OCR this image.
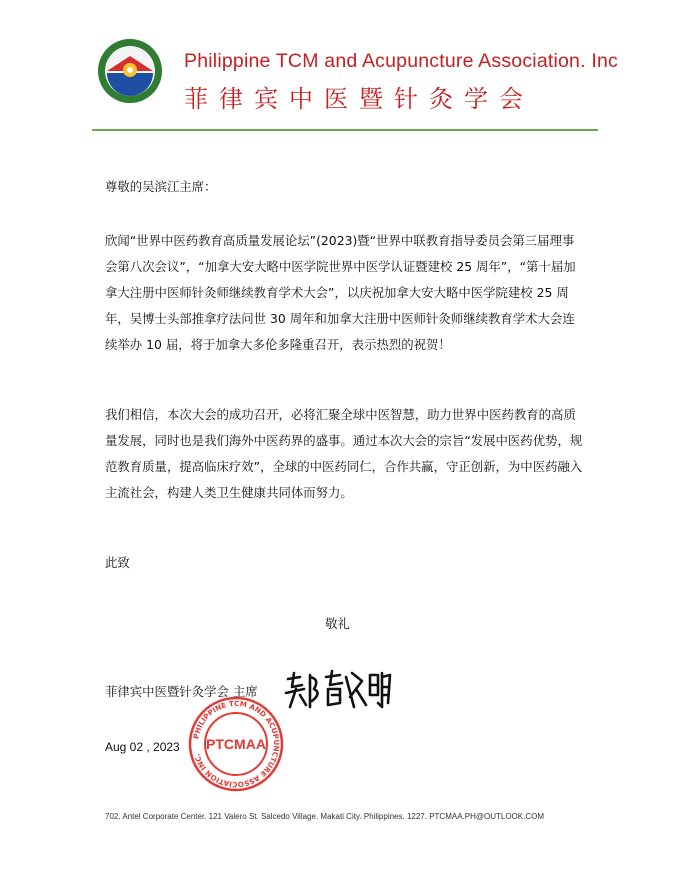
Philippine TCM and Acupuncture Association. Inc
菲律宾中医暨针灸学会
尊敬的吴滨江主席：
欣闻“世界中医药教育高质量发展论坛”(2023)暨“世界中联教育指导委员会第三届理事会第八次会议”，“加拿大安大略中医学院世界中医学认证暨建校 25 周年”，“第十届加拿大注册中医师针灸师继续教育学术大会”，以庆祝加拿大安大略中医学院建校 25 周年，吴博士头部推拿疗法问世 30 周年和加拿大注册中医师针灸师继续教育学术大会连续举办 10 届，将于加拿大多伦多隆重召开，表示热烈的祝贺！
我们相信，本次大会的成功召开，必将汇聚全球中医智慧，助力世界中医药教育的高质量发展，同时也是我们海外中医药界的盛事。通过本次大会的宗旨“发展中医药优势，规范教育质量，提高临床疗效”，全球的中医药同仁，合作共赢，守正创新，为中医药融入主流社会，构建人类卫生健康共同体而努力。
此致
敬礼
菲律宾中医暨针灸学会 主席
Aug 02 , 2023
PHILIPPINE TCM AND ACUPUNCTURE ASSOCIATION INC.
PTCMAA
702. Antel Corporate Center. 121 Valero St. Salcedo Village. Makati City. Philippines. 1227. PTCMAA.PH@OUTLOOK.COM
